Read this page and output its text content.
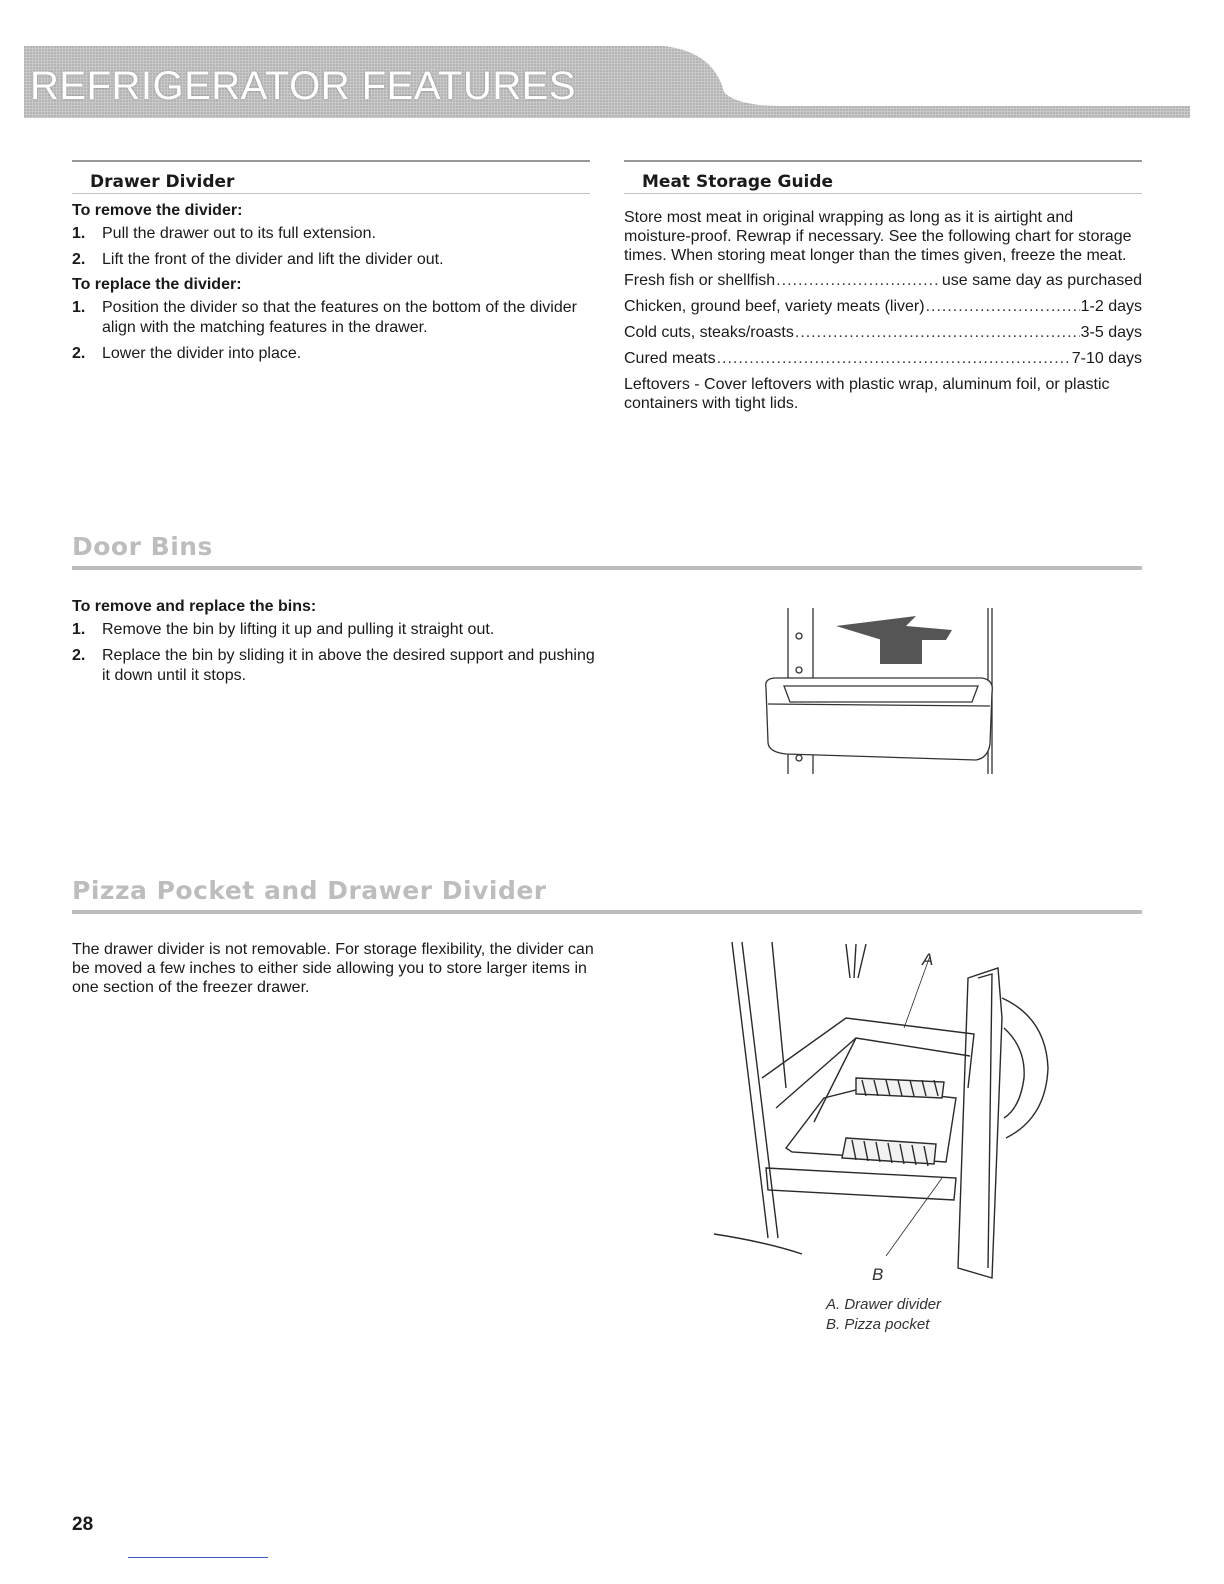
REFRIGERATOR FEATURES
Drawer Divider
To remove the divider:
1. Pull the drawer out to its full extension.
2. Lift the front of the divider and lift the divider out.
To replace the divider:
1. Position the divider so that the features on the bottom of the divider align with the matching features in the drawer.
2. Lower the divider into place.
Meat Storage Guide
Store most meat in original wrapping as long as it is airtight and moisture-proof. Rewrap if necessary. See the following chart for storage times. When storing meat longer than the times given, freeze the meat.
Fresh fish or shellfish .....	use same day as purchased
Chicken, ground beef, variety meats (liver) .....	1-2 days
Cold cuts, steaks/roasts .....	3-5 days
Cured meats .....	7-10 days
Leftovers - Cover leftovers with plastic wrap, aluminum foil, or plastic containers with tight lids.
Door Bins
To remove and replace the bins:
1. Remove the bin by lifting it up and pulling it straight out.
2. Replace the bin by sliding it in above the desired support and pushing it down until it stops.
Pizza Pocket and Drawer Divider
The drawer divider is not removable. For storage flexibility, the divider can be moved a few inches to either side allowing you to store larger items in one section of the freezer drawer.
A
B
A. Drawer divider
B. Pizza pocket
28
